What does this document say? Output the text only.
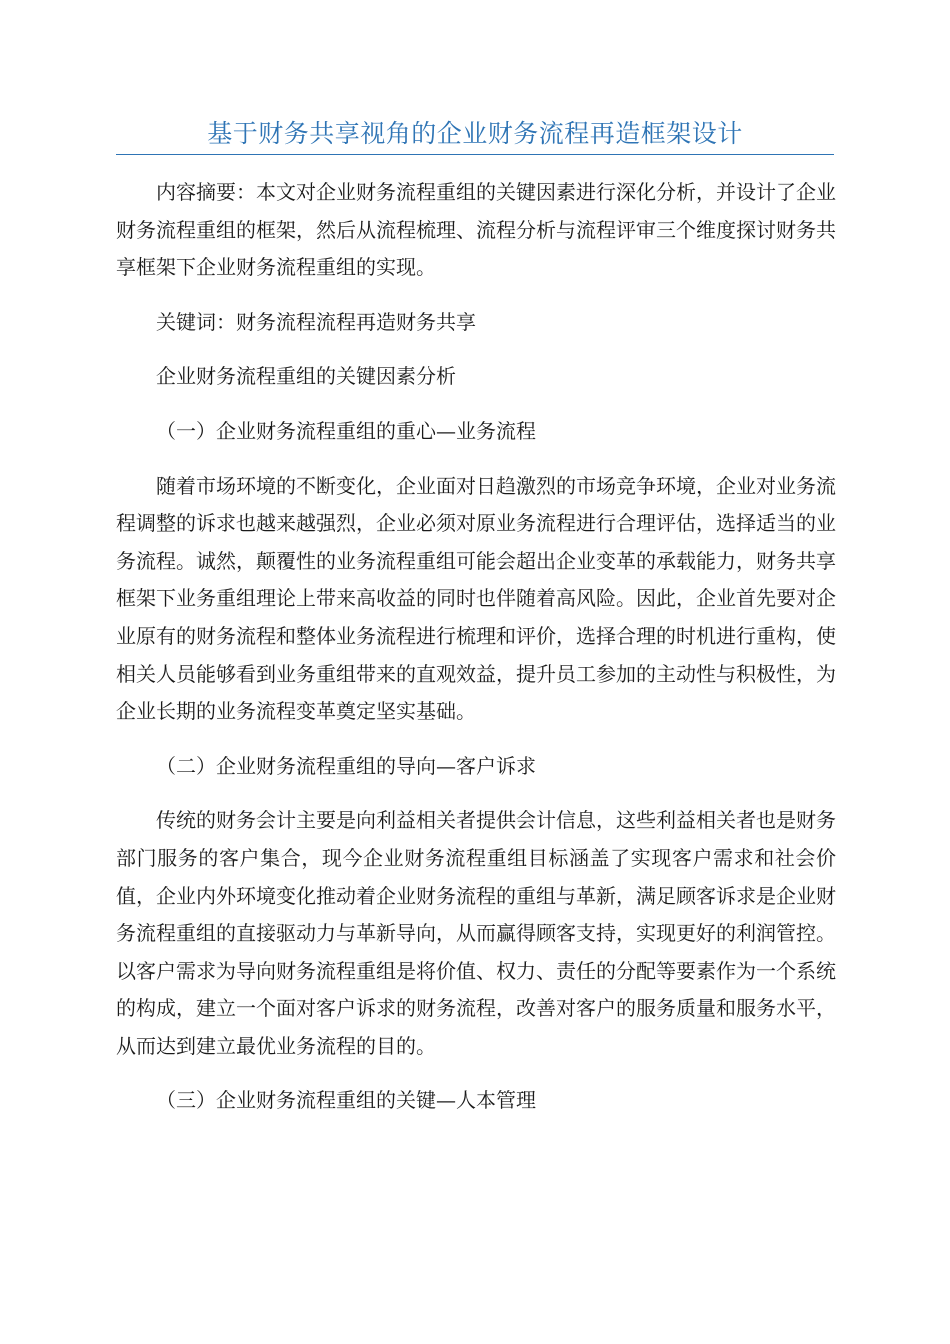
基于财务共享视角的企业财务流程再造框架设计

内容摘要：本文对企业财务流程重组的关键因素进行深化分析，并设计了企业财务流程重组的框架，然后从流程梳理、流程分析与流程评审三个维度探讨财务共享框架下企业财务流程重组的实现。

关键词：财务流程流程再造财务共享

企业财务流程重组的关键因素分析

（一）企业财务流程重组的重心—业务流程

随着市场环境的不断变化，企业面对日趋激烈的市场竞争环境，企业对业务流程调整的诉求也越来越强烈，企业必须对原业务流程进行合理评估，选择适当的业务流程。诚然，颠覆性的业务流程重组可能会超出企业变革的承载能力，财务共享框架下业务重组理论上带来高收益的同时也伴随着高风险。因此，企业首先要对企业原有的财务流程和整体业务流程进行梳理和评价，选择合理的时机进行重构，使相关人员能够看到业务重组带来的直观效益，提升员工参加的主动性与积极性，为企业长期的业务流程变革奠定坚实基础。

（二）企业财务流程重组的导向—客户诉求

传统的财务会计主要是向利益相关者提供会计信息，这些利益相关者也是财务部门服务的客户集合，现今企业财务流程重组目标涵盖了实现客户需求和社会价值，企业内外环境变化推动着企业财务流程的重组与革新，满足顾客诉求是企业财务流程重组的直接驱动力与革新导向，从而赢得顾客支持，实现更好的利润管控。以客户需求为导向财务流程重组是将价值、权力、责任的分配等要素作为一个系统的构成，建立一个面对客户诉求的财务流程，改善对客户的服务质量和服务水平，从而达到建立最优业务流程的目的。

（三）企业财务流程重组的关键—人本管理
